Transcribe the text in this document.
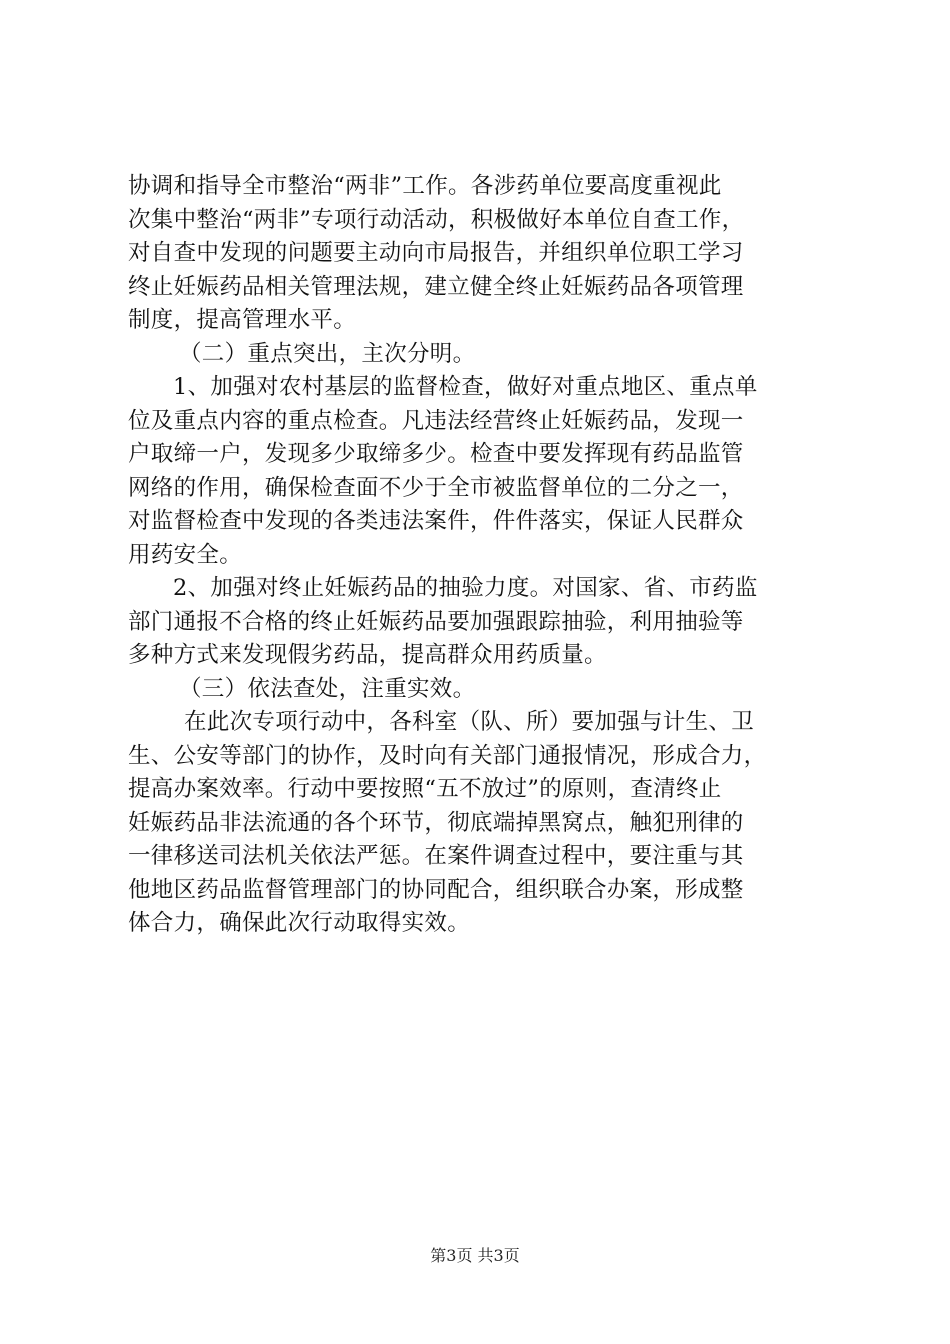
协调和指导全市整治“两非”工作。各涉药单位要高度重视此
次集中整治“两非”专项行动活动，积极做好本单位自查工作，
对自查中发现的问题要主动向市局报告，并组织单位职工学习
终止妊娠药品相关管理法规，建立健全终止妊娠药品各项管理
制度，提高管理水平。
（二）重点突出，主次分明。
1、加强对农村基层的监督检查，做好对重点地区、重点单
位及重点内容的重点检查。凡违法经营终止妊娠药品，发现一
户取缔一户，发现多少取缔多少。检查中要发挥现有药品监管
网络的作用，确保检查面不少于全市被监督单位的二分之一，
对监督检查中发现的各类违法案件，件件落实，保证人民群众
用药安全。
2、加强对终止妊娠药品的抽验力度。对国家、省、市药监
部门通报不合格的终止妊娠药品要加强跟踪抽验，利用抽验等
多种方式来发现假劣药品，提高群众用药质量。
（三）依法查处，注重实效。
在此次专项行动中，各科室（队、所）要加强与计生、卫
生、公安等部门的协作，及时向有关部门通报情况，形成合力，
提高办案效率。行动中要按照“五不放过”的原则，查清终止
妊娠药品非法流通的各个环节，彻底端掉黑窝点，触犯刑律的
一律移送司法机关依法严惩。在案件调查过程中，要注重与其
他地区药品监督管理部门的协同配合，组织联合办案，形成整
体合力，确保此次行动取得实效。
第3页 共3页
